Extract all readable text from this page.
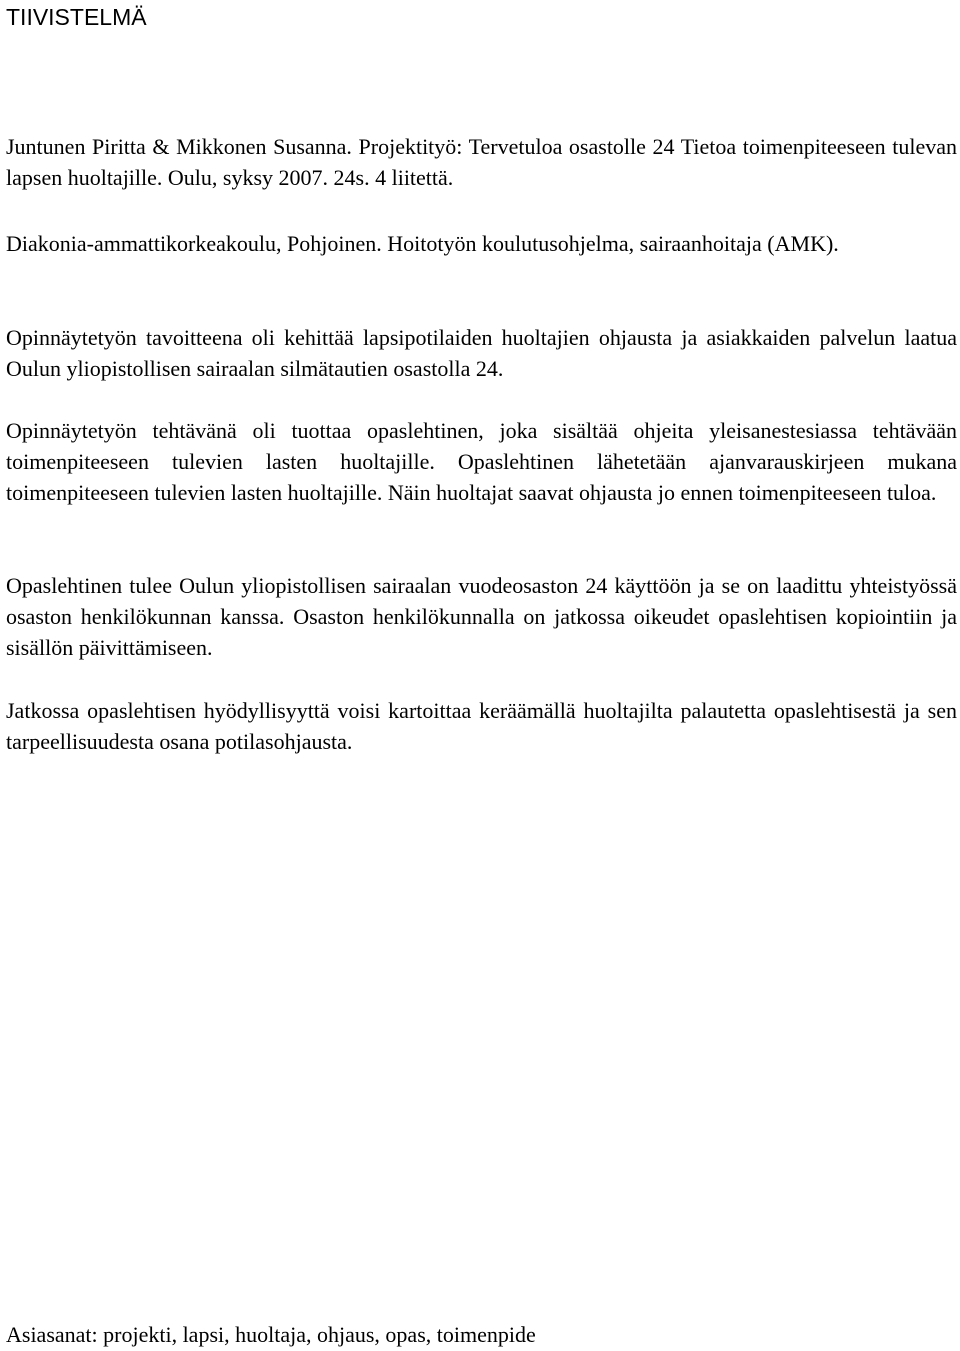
TIIVISTELMÄ

Juntunen Piritta & Mikkonen Susanna. Projektityö: Tervetuloa osastolle 24 Tietoa toimenpiteeseen tulevan lapsen huoltajille. Oulu, syksy 2007. 24s. 4 liitettä.

Diakonia-ammattikorkeakoulu, Pohjoinen. Hoitotyön koulutusohjelma, sairaanhoitaja (AMK).

Opinnäytetyön tavoitteena oli kehittää lapsipotilaiden huoltajien ohjausta ja asiakkaiden palvelun laatua Oulun yliopistollisen sairaalan silmätautien osastolla 24.

Opinnäytetyön tehtävänä oli tuottaa opaslehtinen, joka sisältää ohjeita yleisanestesiassa tehtävään toimenpiteeseen tulevien lasten huoltajille. Opaslehtinen lähetetään ajanvarauskirjeen mukana toimenpiteeseen tulevien lasten huoltajille. Näin huoltajat saavat ohjausta jo ennen toimenpiteeseen tuloa.

Opaslehtinen tulee Oulun yliopistollisen sairaalan vuodeosaston 24 käyttöön ja se on laadittu yhteistyössä osaston henkilökunnan kanssa. Osaston henkilökunnalla on jatkossa oikeudet opaslehtisen kopiointiin ja sisällön päivittämiseen.

Jatkossa opaslehtisen hyödyllisyyttä voisi kartoittaa keräämällä huoltajilta palautetta opaslehtisestä ja sen tarpeellisuudesta osana potilasohjausta.

Asiasanat: projekti, lapsi, huoltaja, ohjaus, opas, toimenpide
